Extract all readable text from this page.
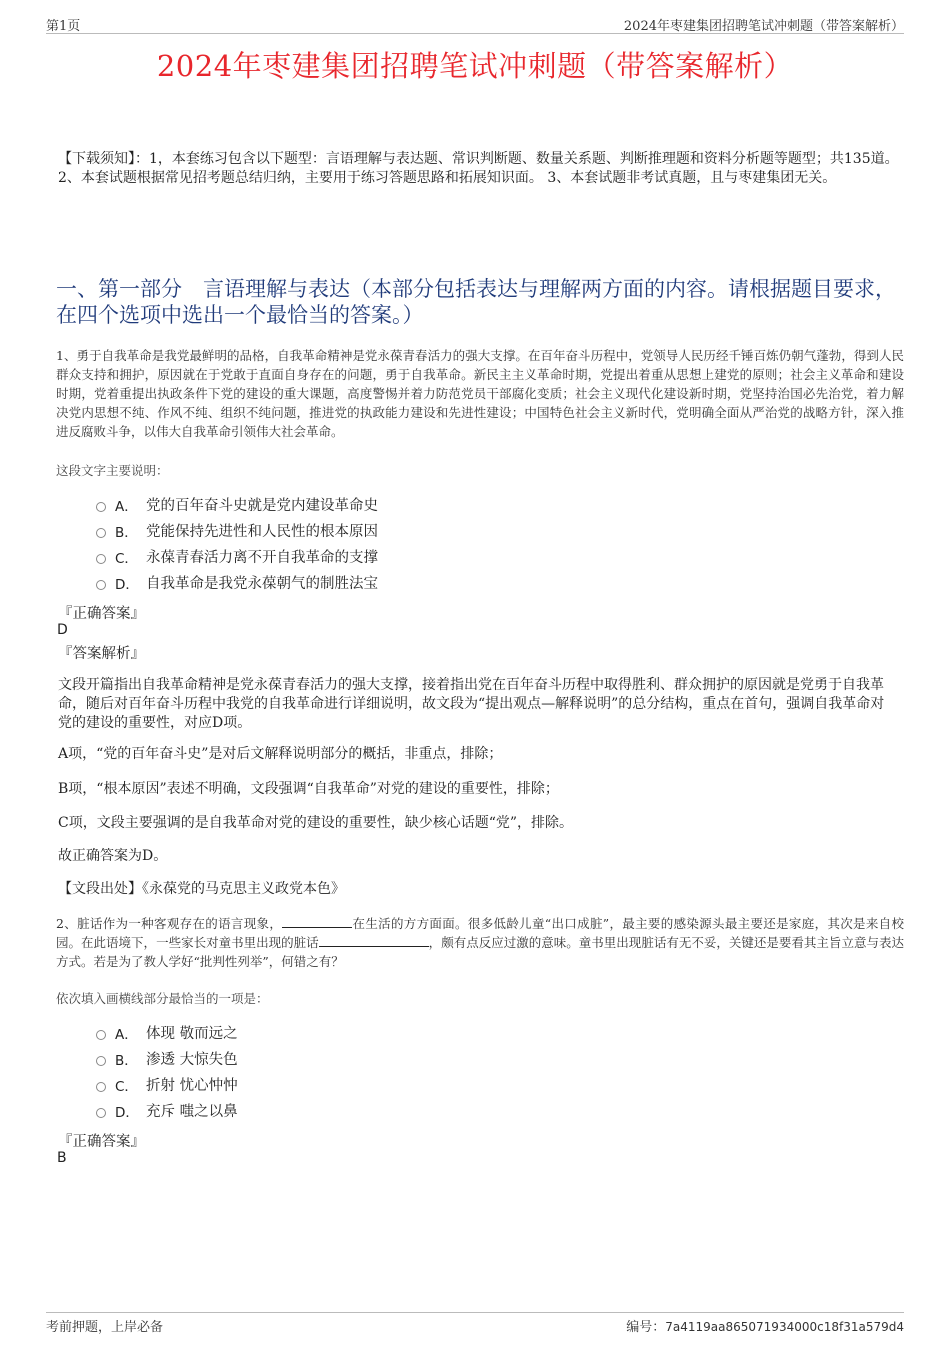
第1页	2024年枣建集团招聘笔试冲刺题（带答案解析）
2024年枣建集团招聘笔试冲刺题（带答案解析）
【下载须知】：1，本套练习包含以下题型：言语理解与表达题、常识判断题、数量关系题、判断推理题和资料分析题等题型；共135道。 2、本套试题根据常见招考题总结归纳，主要用于练习答题思路和拓展知识面。 3、本套试题非考试真题，且与枣建集团无关。
一、第一部分　言语理解与表达（本部分包括表达与理解两方面的内容。请根据题目要求，在四个选项中选出一个最恰当的答案。）
1、勇于自我革命是我党最鲜明的品格，自我革命精神是党永葆青春活力的强大支撑。在百年奋斗历程中，党领导人民历经千锤百炼仍朝气蓬勃，得到人民群众支持和拥护，原因就在于党敢于直面自身存在的问题，勇于自我革命。新民主主义革命时期，党提出着重从思想上建党的原则；社会主义革命和建设时期，党着重提出执政条件下党的建设的重大课题，高度警惕并着力防范党员干部腐化变质；社会主义现代化建设新时期，党坚持治国必先治党，着力解决党内思想不纯、作风不纯、组织不纯问题，推进党的执政能力建设和先进性建设；中国特色社会主义新时代，党明确全面从严治党的战略方针，深入推进反腐败斗争，以伟大自我革命引领伟大社会革命。
这段文字主要说明：
A． 党的百年奋斗史就是党内建设革命史
B． 党能保持先进性和人民性的根本原因
C． 永葆青春活力离不开自我革命的支撑
D． 自我革命是我党永葆朝气的制胜法宝
『正确答案』
D
『答案解析』
文段开篇指出自我革命精神是党永葆青春活力的强大支撑，接着指出党在百年奋斗历程中取得胜利、群众拥护的原因就是党勇于自我革命，随后对百年奋斗历程中我党的自我革命进行详细说明，故文段为“提出观点—解释说明”的总分结构，重点在首句，强调自我革命对党的建设的重要性，对应D项。
A项，“党的百年奋斗史”是对后文解释说明部分的概括，非重点，排除；
B项，“根本原因”表述不明确，文段强调“自我革命”对党的建设的重要性，排除；
C项，文段主要强调的是自我革命对党的建设的重要性，缺少核心话题“党”，排除。
故正确答案为D。
【文段出处】《永葆党的马克思主义政党本色》
2、脏话作为一种客观存在的语言现象，	在生活的方方面面。很多低龄儿童“出口成脏”，最主要的感染源头最主要还是家庭，其次是来自校园。在此语境下，一些家长对童书里出现的脏话	，颇有点反应过激的意味。童书里出现脏话有无不妥，关键还是要看其主旨立意与表达方式。若是为了教人学好“批判性列举”，何错之有？
依次填入画横线部分最恰当的一项是：
A． 体现 敬而远之
B． 渗透 大惊失色
C． 折射 忧心忡忡
D． 充斥 嗤之以鼻
『正确答案』
B
考前押题，上岸必备	编号：7a4119aa865071934000c18f31a579d4
